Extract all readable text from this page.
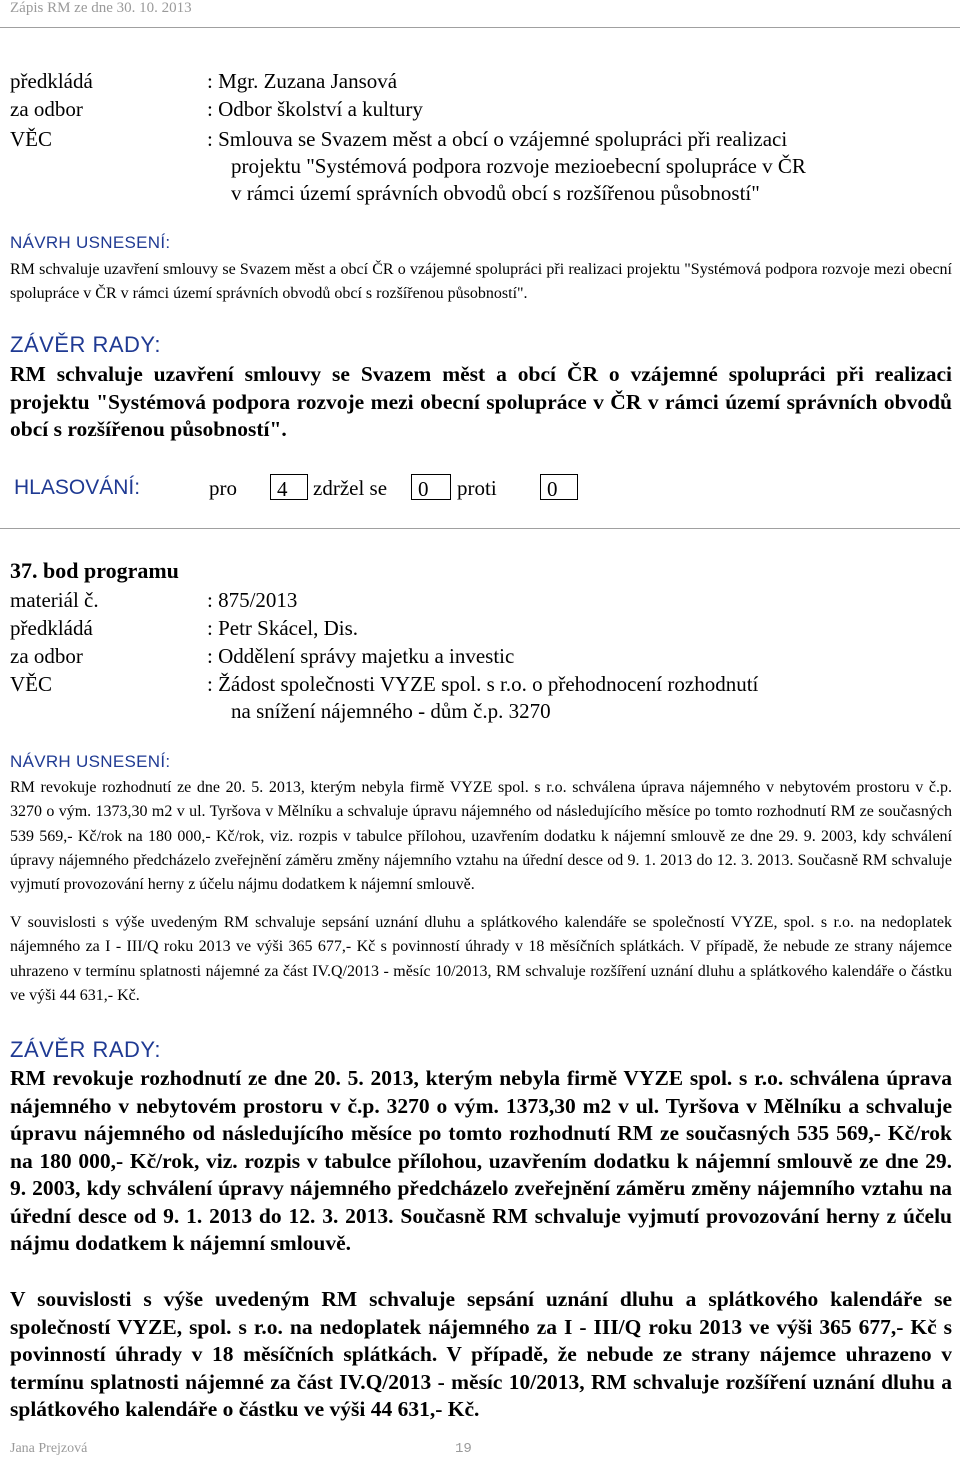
Zápis RM ze dne 30. 10. 2013
předkládá	: Mgr. Zuzana Jansová
za odbor	: Odbor školství a kultury
VĚC	: Smlouva se Svazem měst a obcí o vzájemné spolupráci při realizaci
projektu "Systémová podpora rozvoje mezioebecní spolupráce v ČR
v rámci území správních obvodů obcí s rozšířenou působností"
NÁVRH USNESENÍ:
RM schvaluje uzavření smlouvy se Svazem měst a obcí ČR o vzájemné spolupráci při realizaci projektu "Systémová podpora rozvoje mezi obecní spolupráce v ČR v rámci území správních obvodů obcí s rozšířenou působností".
ZÁVĚR RADY:
RM schvaluje uzavření smlouvy se Svazem měst a obcí ČR o vzájemné spolupráci při realizaci projektu "Systémová podpora rozvoje mezi obecní spolupráce v ČR v rámci území správních obvodů obcí s rozšířenou působností".
HLASOVÁNÍ:	pro	4	zdržel se	0	proti	0
37. bod programu
materiál č.	: 875/2013
předkládá	: Petr Skácel, Dis.
za odbor	: Oddělení správy majetku a investic
VĚC	: Žádost společnosti VYZE spol. s r.o. o přehodnocení rozhodnutí
na snížení nájemného - dům č.p. 3270
NÁVRH USNESENÍ:
RM revokuje rozhodnutí ze dne 20. 5. 2013, kterým nebyla firmě VYZE spol. s r.o. schválena úprava nájemného v nebytovém prostoru v č.p. 3270 o vým. 1373,30 m2 v ul. Tyršova v Mělníku a schvaluje úpravu nájemného od následujícího měsíce po tomto rozhodnutí RM ze současných 539 569,- Kč/rok na 180 000,- Kč/rok, viz. rozpis v tabulce přílohou, uzavřením dodatku k nájemní smlouvě ze dne 29. 9. 2003, kdy schválení úpravy nájemného předcházelo zveřejnění záměru změny nájemního vztahu na úřední desce od 9. 1. 2013 do 12. 3. 2013. Současně RM schvaluje vyjmutí provozování herny z účelu nájmu dodatkem k nájemní smlouvě.
V souvislosti s výše uvedeným RM schvaluje sepsání uznání dluhu a splátkového kalendáře se společností VYZE, spol. s r.o. na nedoplatek nájemného za I - III/Q roku 2013 ve výši 365 677,- Kč s povinností úhrady v 18 měsíčních splátkách. V případě, že nebude ze strany nájemce uhrazeno v termínu splatnosti nájemné za část IV.Q/2013 - měsíc 10/2013, RM schvaluje rozšíření uznání dluhu a splátkového kalendáře o částku ve výši 44 631,- Kč.
ZÁVĚR RADY:
RM revokuje rozhodnutí ze dne 20. 5. 2013, kterým nebyla firmě VYZE spol. s r.o. schválena úprava nájemného v nebytovém prostoru v č.p. 3270 o vým. 1373,30 m2 v ul. Tyršova v Mělníku a schvaluje úpravu nájemného od následujícího měsíce po tomto rozhodnutí RM ze současných 535 569,- Kč/rok na 180 000,- Kč/rok, viz. rozpis v tabulce přílohou, uzavřením dodatku k nájemní smlouvě ze dne 29. 9. 2003, kdy schválení úpravy nájemného předcházelo zveřejnění záměru změny nájemního vztahu na úřední desce od 9. 1. 2013 do 12. 3. 2013. Současně RM schvaluje vyjmutí provozování herny z účelu nájmu dodatkem k nájemní smlouvě.
V souvislosti s výše uvedeným RM schvaluje sepsání uznání dluhu a splátkového kalendáře se společností VYZE, spol. s r.o. na nedoplatek nájemného za I - III/Q roku 2013 ve výši 365 677,- Kč s povinností úhrady v 18 měsíčních splátkách. V případě, že nebude ze strany nájemce uhrazeno v termínu splatnosti nájemné za část IV.Q/2013 - měsíc 10/2013, RM schvaluje rozšíření uznání dluhu a splátkového kalendáře o částku ve výši 44 631,- Kč.
Jana Prejzová	19
